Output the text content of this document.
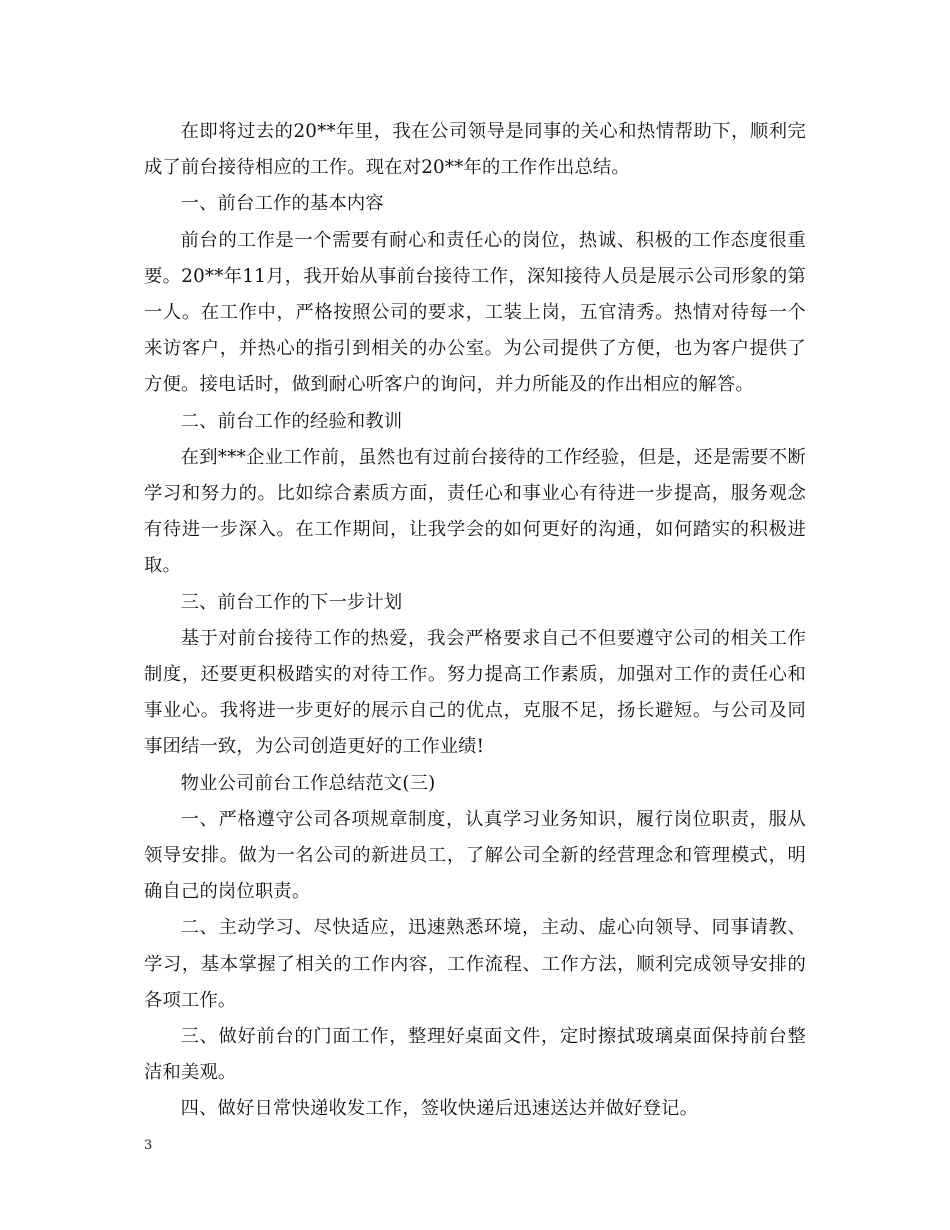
在即将过去的20**年里，我在公司领导是同事的关心和热情帮助下，顺利完成了前台接待相应的工作。现在对20**年的工作作出总结。

一、前台工作的基本内容

前台的工作是一个需要有耐心和责任心的岗位，热诚、积极的工作态度很重要。20**年11月，我开始从事前台接待工作，深知接待人员是展示公司形象的第一人。在工作中，严格按照公司的要求，工装上岗，五官清秀。热情对待每一个来访客户，并热心的指引到相关的办公室。为公司提供了方便，也为客户提供了方便。接电话时，做到耐心听客户的询问，并力所能及的作出相应的解答。

二、前台工作的经验和教训

在到***企业工作前，虽然也有过前台接待的工作经验，但是，还是需要不断学习和努力的。比如综合素质方面，责任心和事业心有待进一步提高，服务观念有待进一步深入。在工作期间，让我学会的如何更好的沟通，如何踏实的积极进取。

三、前台工作的下一步计划

基于对前台接待工作的热爱，我会严格要求自己不但要遵守公司的相关工作制度，还要更积极踏实的对待工作。努力提高工作素质，加强对工作的责任心和事业心。我将进一步更好的展示自己的优点，克服不足，扬长避短。与公司及同事团结一致，为公司创造更好的工作业绩!

物业公司前台工作总结范文(三)

一、严格遵守公司各项规章制度，认真学习业务知识，履行岗位职责，服从领导安排。做为一名公司的新进员工，了解公司全新的经营理念和管理模式，明确自己的岗位职责。

二、主动学习、尽快适应，迅速熟悉环境，主动、虚心向领导、同事请教、学习，基本掌握了相关的工作内容，工作流程、工作方法，顺利完成领导安排的各项工作。

三、做好前台的门面工作，整理好桌面文件，定时擦拭玻璃桌面保持前台整洁和美观。

四、做好日常快递收发工作，签收快递后迅速送达并做好登记。

3
